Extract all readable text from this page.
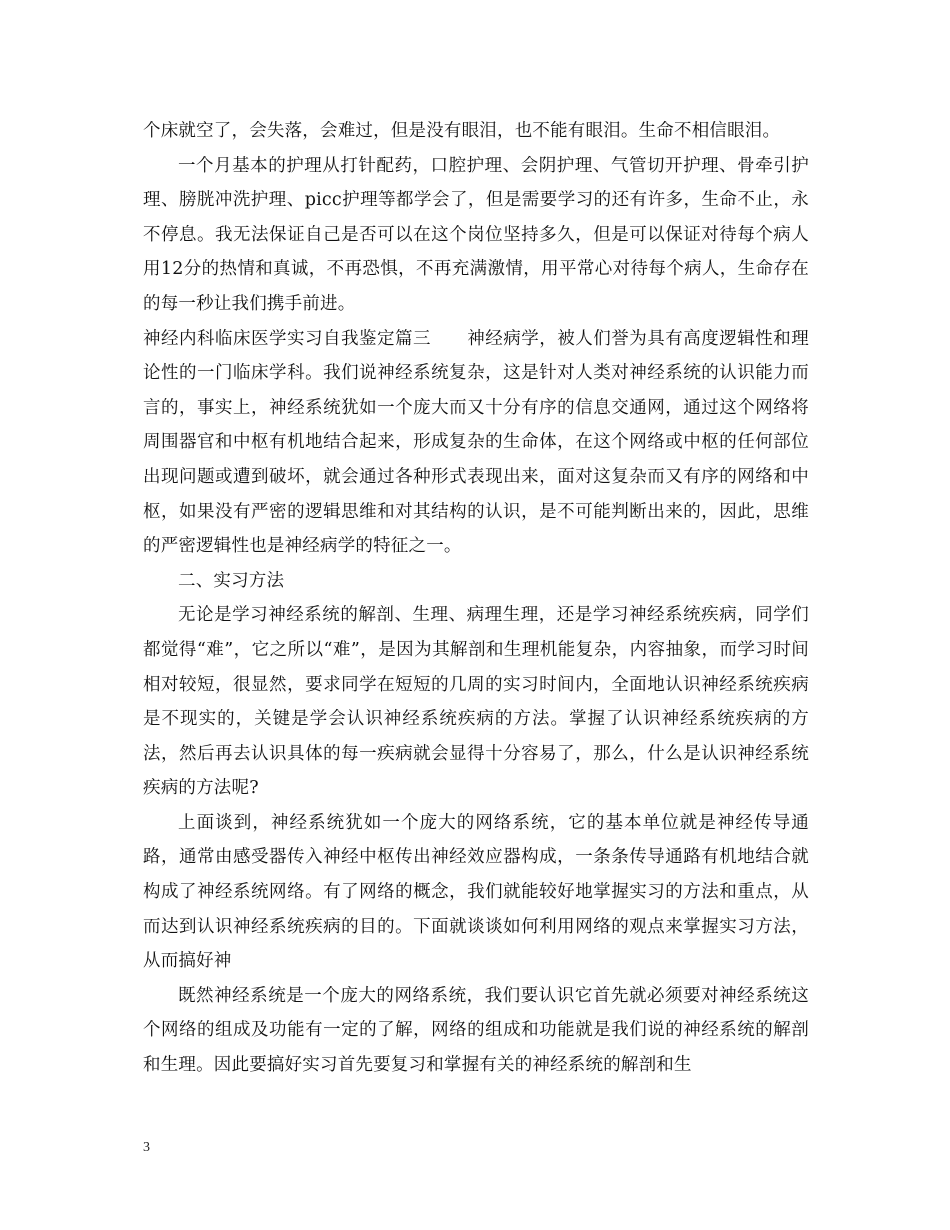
个床就空了，会失落，会难过，但是没有眼泪，也不能有眼泪。生命不相信眼泪。

一个月基本的护理从打针配药，口腔护理、会阴护理、气管切开护理、骨牵引护理、膀胱冲洗护理、picc护理等都学会了，但是需要学习的还有许多，生命不止，永不停息。我无法保证自己是否可以在这个岗位坚持多久，但是可以保证对待每个病人用12分的热情和真诚，不再恐惧，不再充满激情，用平常心对待每个病人，生命存在的每一秒让我们携手前进。

神经内科临床医学实习自我鉴定篇三 神经病学，被人们誉为具有高度逻辑性和理论性的一门临床学科。我们说神经系统复杂，这是针对人类对神经系统的认识能力而言的，事实上，神经系统犹如一个庞大而又十分有序的信息交通网，通过这个网络将周围器官和中枢有机地结合起来，形成复杂的生命体，在这个网络或中枢的任何部位出现问题或遭到破坏，就会通过各种形式表现出来，面对这复杂而又有序的网络和中枢，如果没有严密的逻辑思维和对其结构的认识，是不可能判断出来的，因此，思维的严密逻辑性也是神经病学的特征之一。

二、实习方法

无论是学习神经系统的解剖、生理、病理生理，还是学习神经系统疾病，同学们都觉得“难”，它之所以“难”，是因为其解剖和生理机能复杂，内容抽象，而学习时间相对较短，很显然，要求同学在短短的几周的实习时间内，全面地认识神经系统疾病是不现实的，关键是学会认识神经系统疾病的方法。掌握了认识神经系统疾病的方法，然后再去认识具体的每一疾病就会显得十分容易了，那么，什么是认识神经系统疾病的方法呢?

上面谈到，神经系统犹如一个庞大的网络系统，它的基本单位就是神经传导通路，通常由感受器传入神经中枢传出神经效应器构成，一条条传导通路有机地结合就构成了神经系统网络。有了网络的概念，我们就能较好地掌握实习的方法和重点，从而达到认识神经系统疾病的目的。下面就谈谈如何利用网络的观点来掌握实习方法，从而搞好神

既然神经系统是一个庞大的网络系统，我们要认识它首先就必须要对神经系统这个网络的组成及功能有一定的了解，网络的组成和功能就是我们说的神经系统的解剖和生理。因此要搞好实习首先要复习和掌握有关的神经系统的解剖和生

3
